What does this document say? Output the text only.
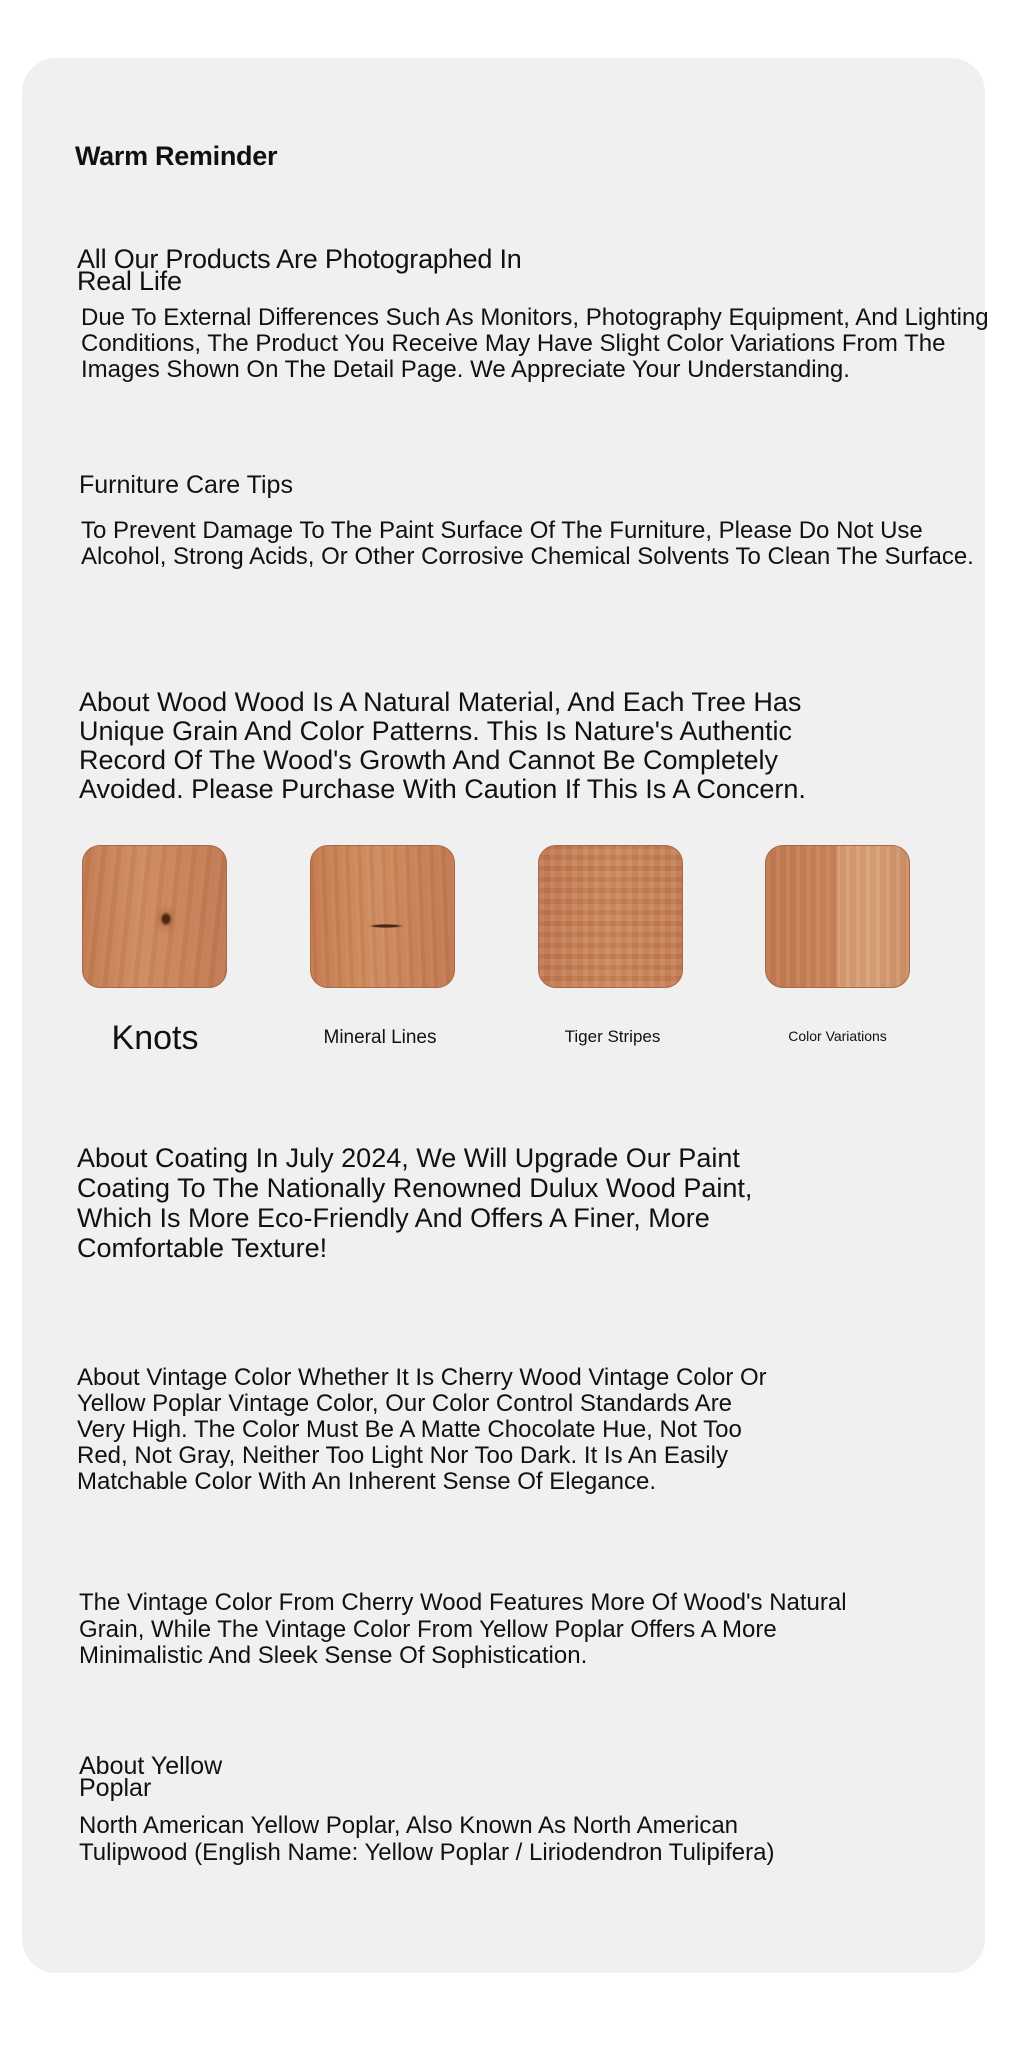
Warm Reminder
All Our Products Are Photographed In Real Life

Due To External Differences Such As Monitors, Photography Equipment, And Lighting Conditions, The Product You Receive May Have Slight Color Variations From The Images Shown On The Detail Page. We Appreciate Your Understanding.

Furniture Care Tips

To Prevent Damage To The Paint Surface Of The Furniture, Please Do Not Use Alcohol, Strong Acids, Or Other Corrosive Chemical Solvents To Clean The Surface.

About Wood Wood Is A Natural Material, And Each Tree Has Unique Grain And Color Patterns. This Is Nature's Authentic Record Of The Wood's Growth And Cannot Be Completely Avoided. Please Purchase With Caution If This Is A Concern.

Knots	Mineral Lines	Tiger Stripes	Color Variations

About Coating In July 2024, We Will Upgrade Our Paint Coating To The Nationally Renowned Dulux Wood Paint, Which Is More Eco-Friendly And Offers A Finer, More Comfortable Texture!

About Vintage Color Whether It Is Cherry Wood Vintage Color Or Yellow Poplar Vintage Color, Our Color Control Standards Are Very High. The Color Must Be A Matte Chocolate Hue, Not Too Red, Not Gray, Neither Too Light Nor Too Dark. It Is An Easily Matchable Color With An Inherent Sense Of Elegance.

The Vintage Color From Cherry Wood Features More Of Wood's Natural Grain, While The Vintage Color From Yellow Poplar Offers A More Minimalistic And Sleek Sense Of Sophistication.

About Yellow Poplar

North American Yellow Poplar, Also Known As North American Tulipwood (English Name: Yellow Poplar / Liriodendron Tulipifera)
